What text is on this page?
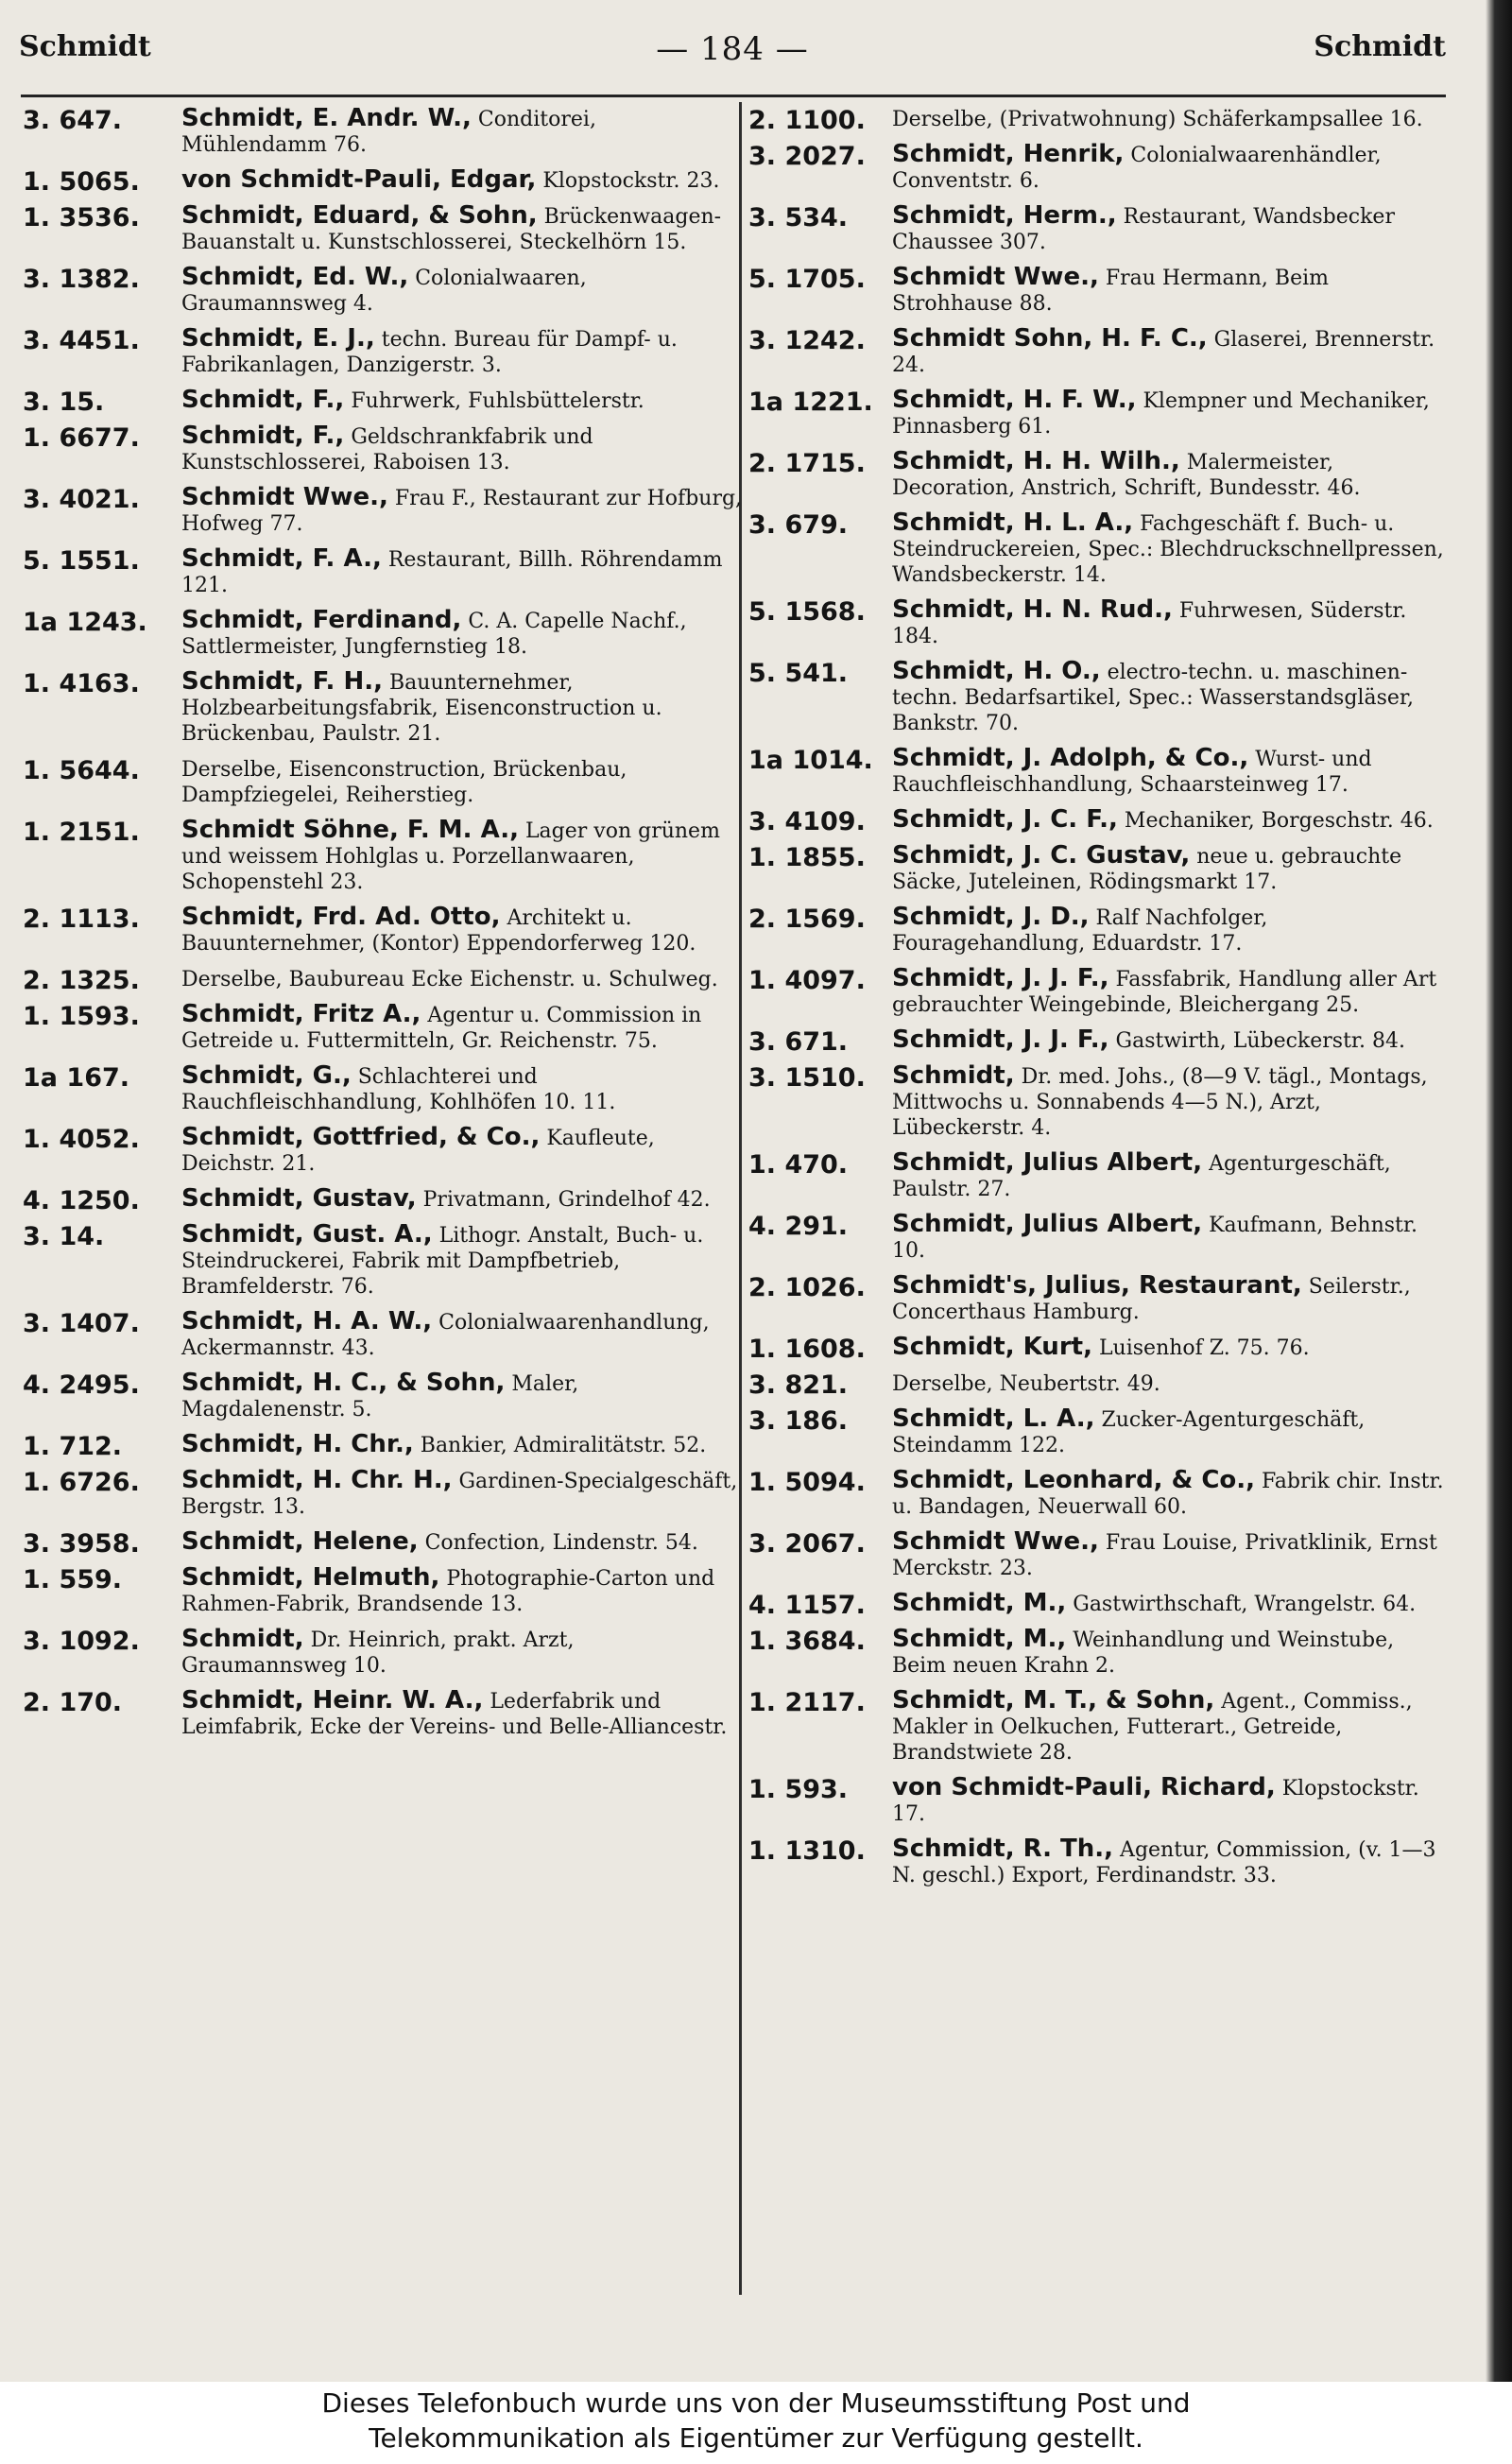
Schmidt	— 184 —	Schmidt
3. 647. Schmidt, E. Andr. W., Conditorei, Mühlendamm 76.
1. 5065. von Schmidt-Pauli, Edgar, Klopstockstr. 23.
1. 3536. Schmidt, Eduard, & Sohn, Brückenwaagen-Bauanstalt u. Kunstschlosserei, Steckelhörn 15.
3. 1382. Schmidt, Ed. W., Colonialwaaren, Graumannsweg 4.
3. 4451. Schmidt, E. J., techn. Bureau für Dampf- u. Fabrikanlagen, Danzigerstr. 3.
3. 15.	Schmidt, F., Fuhrwerk, Fuhlsbüttelerstr.
1. 6677. Schmidt, F., Geldschrankfabrik und Kunstschlosserei, Raboisen 13.
3. 4021. Schmidt Wwe., Frau F., Restaurant zur Hofburg, Hofweg 77.
5. 1551. Schmidt, F. A., Restaurant, Billh. Röhrendamm 121.
1a 1243. Schmidt, Ferdinand, C. A. Capelle Nachf., Sattlermeister, Jungfernstieg 18.
1. 4163. Schmidt, F. H., Bauunternehmer, Holzbearbeitungsfabrik, Eisenconstruction u. Brückenbau, Paulstr. 21.
1. 5644. Derselbe, Eisenconstruction, Brückenbau, Dampfziegelei, Reiherstieg.
1. 2151. Schmidt Söhne, F. M. A., Lager von grünem und weissem Hohlglas u. Porzellanwaaren, Schopenstehl 23.
2. 1113. Schmidt, Frd. Ad. Otto, Architekt u. Bauunternehmer, (Kontor) Eppendorferweg 120.
2. 1325. Derselbe, Baubureau Ecke Eichenstr. u. Schulweg.
1. 1593. Schmidt, Fritz A., Agentur u. Commission in Getreide u. Futtermitteln, Gr. Reichenstr. 75.
1a 167. Schmidt, G., Schlachterei und Rauchfleischhandlung, Kohlhöfen 10. 11.
1. 4052. Schmidt, Gottfried, & Co., Kaufleute, Deichstr. 21.
4. 1250. Schmidt, Gustav, Privatmann, Grindelhof 42.
3. 14.	Schmidt, Gust. A., Lithogr. Anstalt, Buch- u. Steindruckerei, Fabrik mit Dampfbetrieb, Bramfelderstr. 76.
3. 1407. Schmidt, H. A. W., Colonialwaarenhandlung, Ackermannstr. 43.
4. 2495. Schmidt, H. C., & Sohn, Maler, Magdalenenstr. 5.
1. 712. Schmidt, H. Chr., Bankier, Admiralitätstr. 52.
1. 6726. Schmidt, H. Chr. H., Gardinen-Specialgeschäft, Bergstr. 13.
3. 3958. Schmidt, Helene, Confection, Lindenstr. 54.
1. 559. Schmidt, Helmuth, Photographie-Carton und Rahmen-Fabrik, Brandsende 13.
3. 1092. Schmidt, Dr. Heinrich, prakt. Arzt, Graumannsweg 10.
2. 170. Schmidt, Heinr. W. A., Lederfabrik und Leimfabrik, Ecke der Vereins- und Belle-Alliancestr.
2. 1100. Derselbe, (Privatwohnung) Schäferkampsallee 16.
3. 2027. Schmidt, Henrik, Colonialwaarenhändler, Conventstr. 6.
3. 534. Schmidt, Herm., Restaurant, Wandsbecker Chaussee 307.
5. 1705. Schmidt Wwe., Frau Hermann, Beim Strohhause 88.
3. 1242. Schmidt Sohn, H. F. C., Glaserei, Brennerstr. 24.
1a 1221. Schmidt, H. F. W., Klempner und Mechaniker, Pinnasberg 61.
2. 1715. Schmidt, H. H. Wilh., Malermeister, Decoration, Anstrich, Schrift, Bundesstr. 46.
3. 679. Schmidt, H. L. A., Fachgeschäft f. Buch- u. Steindruckereien, Spec.: Blechdruckschnellpressen, Wandsbeckerstr. 14.
5. 1568. Schmidt, H. N. Rud., Fuhrwesen, Süderstr. 184.
5. 541. Schmidt, H. O., electro-techn. u. maschinen-techn. Bedarfsartikel, Spec.: Wasserstandsgläser, Bankstr. 70.
1a 1014. Schmidt, J. Adolph, & Co., Wurst- und Rauchfleischhandlung, Schaarsteinweg 17.
3. 4109. Schmidt, J. C. F., Mechaniker, Borgeschstr. 46.
1. 1855. Schmidt, J. C. Gustav, neue u. gebrauchte Säcke, Juteleinen, Rödingsmarkt 17.
2. 1569. Schmidt, J. D., Ralf Nachfolger, Fouragehandlung, Eduardstr. 17.
1. 4097. Schmidt, J. J. F., Fassfabrik, Handlung aller Art gebrauchter Weingebinde, Bleichergang 25.
3. 671. Schmidt, J. J. F., Gastwirth, Lübeckerstr. 84.
3. 1510. Schmidt, Dr. med. Johs., (8—9 V. tägl., Montags, Mittwochs u. Sonnabends 4—5 N.), Arzt, Lübeckerstr. 4.
1. 470. Schmidt, Julius Albert, Agenturgeschäft, Paulstr. 27.
4. 291. Schmidt, Julius Albert, Kaufmann, Behnstr. 10.
2. 1026. Schmidt's, Julius, Restaurant, Seilerstr., Concerthaus Hamburg.
1. 1608. Schmidt, Kurt, Luisenhof Z. 75. 76.
3. 821. Derselbe, Neubertstr. 49.
3. 186. Schmidt, L. A., Zucker-Agenturgeschäft, Steindamm 122.
1. 5094. Schmidt, Leonhard, & Co., Fabrik chir. Instr. u. Bandagen, Neuerwall 60.
3. 2067. Schmidt Wwe., Frau Louise, Privatklinik, Ernst Merckstr. 23.
4. 1157. Schmidt, M., Gastwirthschaft, Wrangelstr. 64.
1. 3684. Schmidt, M., Weinhandlung und Weinstube, Beim neuen Krahn 2.
1. 2117. Schmidt, M. T., & Sohn, Agent., Commiss., Makler in Oelkuchen, Futterart., Getreide, Brandstwiete 28.
1. 593. von Schmidt-Pauli, Richard, Klopstockstr. 17.
1. 1310. Schmidt, R. Th., Agentur, Commission, (v. 1—3 N. geschl.) Export, Ferdinandstr. 33.
Dieses Telefonbuch wurde uns von der Museumsstiftung Post und
Telekommunikation als Eigentümer zur Verfügung gestellt.
